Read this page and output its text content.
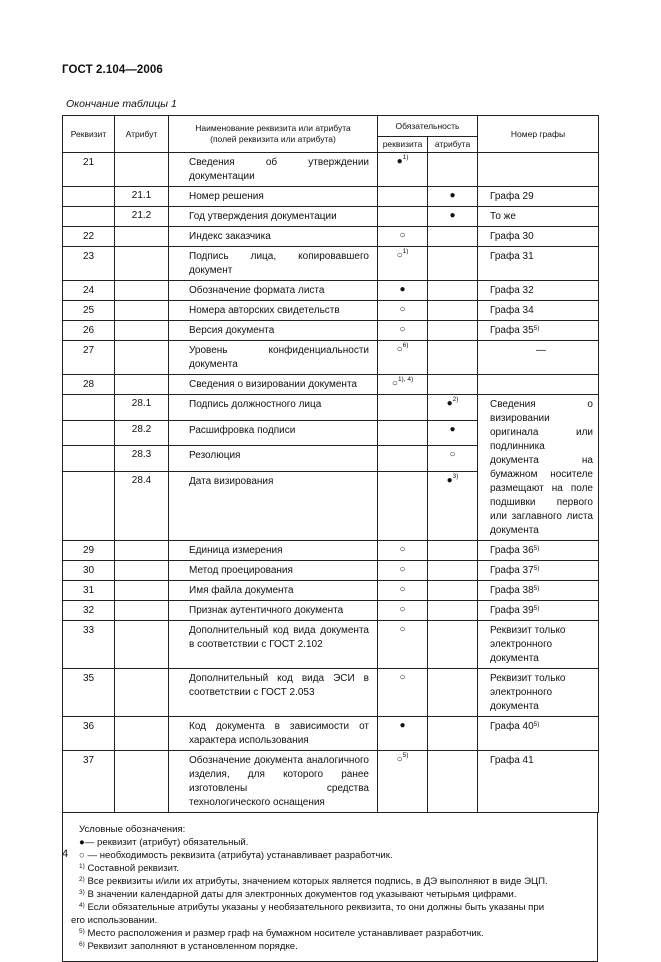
ГОСТ 2.104—2006
Окончание таблицы 1
Реквизит	Атрибут	Наименование реквизита или атрибута (полей реквизита или атрибута)	Обязательность		Номер графы
			реквизита	атрибута	
21		Сведения об утверждении документации	●$^{1)}$		
	21.1	Номер решения		●	Графа 29
	21.2	Год утверждения документации		●	То же
22		Индекс заказчика	○		Графа 30
23		Подпись лица, копировавшего документ	○$^{1)}$		Графа 31
24		Обозначение формата листа	●		Графа 32
25		Номера авторских свидетельств	○		Графа 34
26		Версия документа	○		Графа 35$^{5)}$
27		Уровень конфиденциальности документа	○$^{6)}$		—
28		Сведения о визировании документа	○$^{1), 4)}$		
	28.1	Подпись должностного лица		●$^{2)}$	Сведения о визировании оригинала или подлинника документа на бумажном носителе размещают на поле подшивки первого или заглавного листа документа
	28.2	Расшифровка подписи		●	
	28.3	Резолюция		○	
	28.4	Дата визирования		●$^{3)}$
29		Единица измерения	○		Графа 36$^{5)}$
30		Метод проецирования	○		Графа 37$^{5)}$
31		Имя файла документа	○		Графа 38$^{5)}$
32		Признак аутентичного документа	○		Графа 39$^{5)}$
33		Дополнительный код вида документа в соответствии с ГОСТ 2.102	○		Реквизит только электронного документа
35		Дополнительный код вида ЭСИ в соответствии с ГОСТ 2.053	○		Реквизит только электронного документа
36		Код документа в зависимости от характера использования	●		Графа 40$^{5)}$
37		Обозначение документа аналогичного изделия, для которого ранее изготовлены средства технологического оснащения	○$^{5)}$		Графа 41
Условные обозначения:
●— реквизит (атрибут) обязательный.
○ — необходимость реквизита (атрибута) устанавливает разработчик.
$^{1)}$ Составной реквизит.
$^{2)}$ Все реквизиты и/или их атрибуты, значением которых является подпись, в ДЭ выполняют в виде ЭЦП.
$^{3)}$ В значении календарной даты для электронных документов год указывают четырьмя цифрами.
$^{4)}$ Если обязательные атрибуты указаны у необязательного реквизита, то они должны быть указаны при
его использовании.
$^{5)}$ Место расположения и размер граф на бумажном носителе устанавливает разработчик.
$^{6)}$ Реквизит заполняют в установленном порядке.
4
